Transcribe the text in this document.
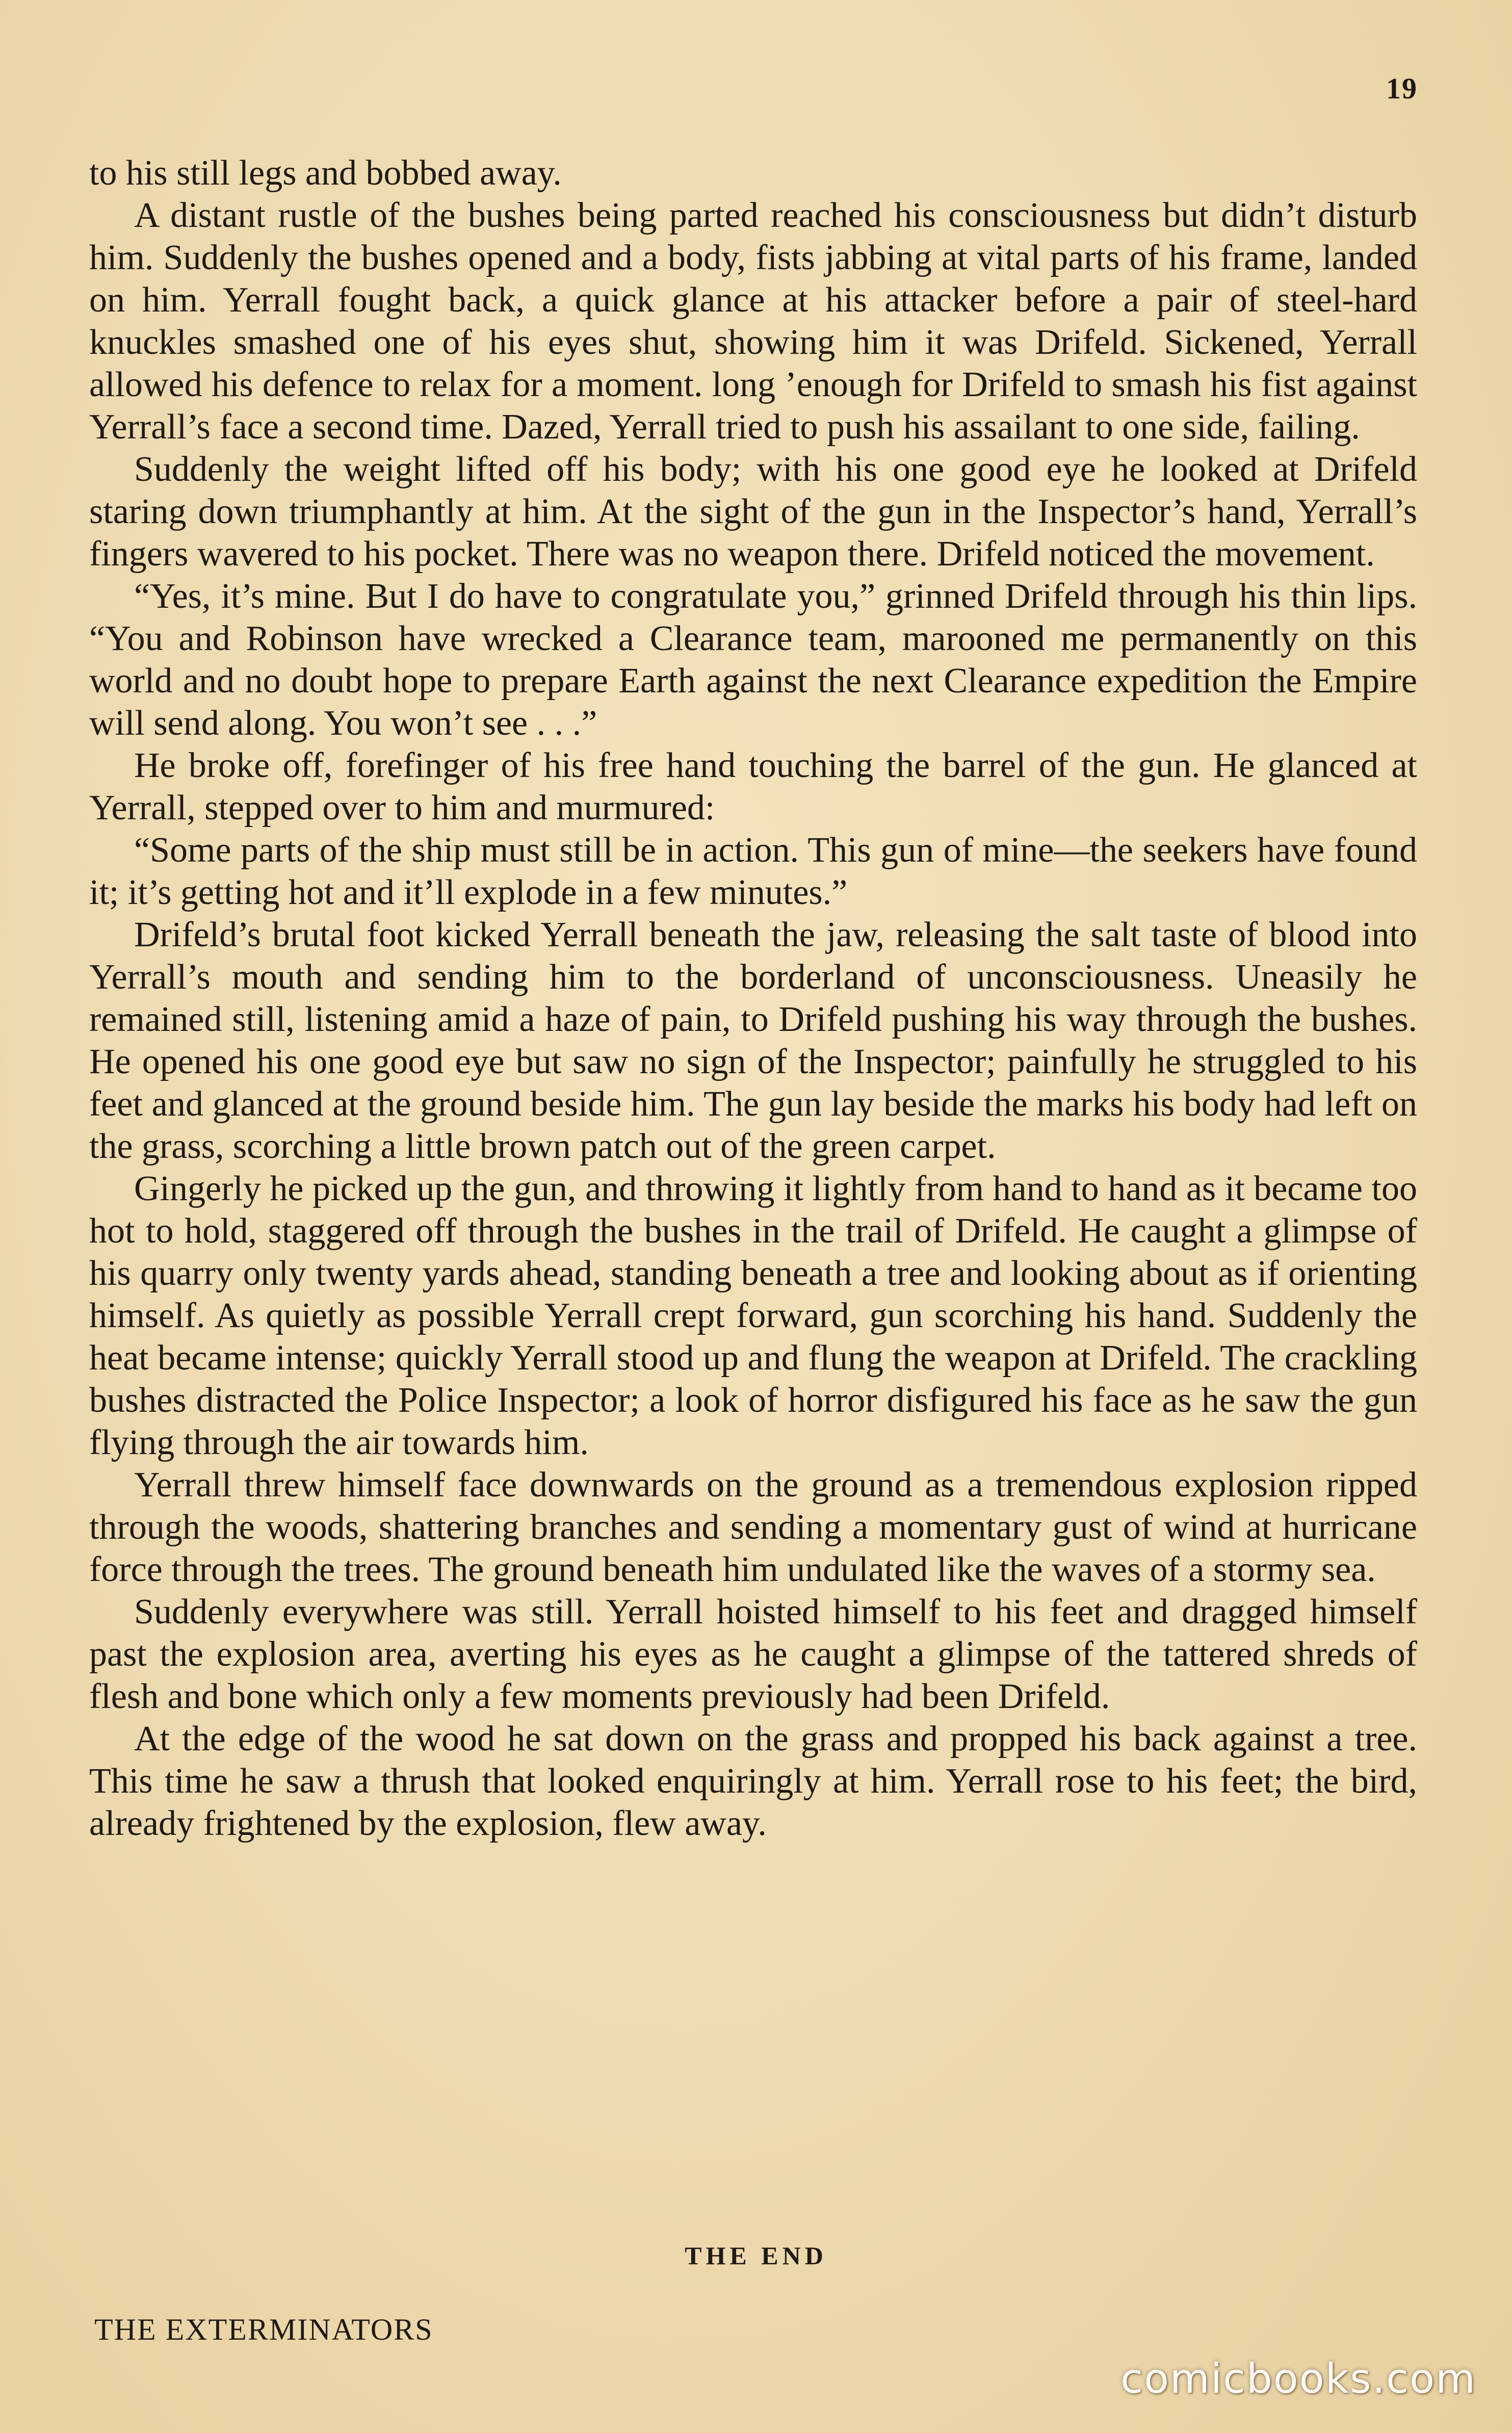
19

to his still legs and bobbed away.

A distant rustle of the bushes being parted reached his consciousness but didn’t disturb him. Suddenly the bushes opened and a body, fists jabbing at vital parts of his frame, landed on him. Yerrall fought back, a quick glance at his attacker before a pair of steel-hard knuckles smashed one of his eyes shut, showing him it was Drifeld. Sickened, Yerrall allowed his defence to relax for a moment. long ’enough for Drifeld to smash his fist against Yerrall’s face a second time. Dazed, Yerrall tried to push his assailant to one side, failing.

Suddenly the weight lifted off his body; with his one good eye he looked at Drifeld staring down triumphantly at him. At the sight of the gun in the Inspector’s hand, Yerrall’s fingers wavered to his pocket. There was no weapon there. Drifeld noticed the movement.

“Yes, it’s mine. But I do have to congratulate you,” grinned Drifeld through his thin lips. “You and Robinson have wrecked a Clearance team, marooned me permanently on this world and no doubt hope to prepare Earth against the next Clearance expedition the Empire will send along. You won’t see . . .”

He broke off, forefinger of his free hand touching the barrel of the gun. He glanced at Yerrall, stepped over to him and murmured:

“Some parts of the ship must still be in action. This gun of mine—the seekers have found it; it’s getting hot and it’ll explode in a few minutes.”

Drifeld’s brutal foot kicked Yerrall beneath the jaw, releasing the salt taste of blood into Yerrall’s mouth and sending him to the borderland of unconsciousness. Uneasily he remained still, listening amid a haze of pain, to Drifeld pushing his way through the bushes. He opened his one good eye but saw no sign of the Inspector; painfully he struggled to his feet and glanced at the ground beside him. The gun lay beside the marks his body had left on the grass, scorching a little brown patch out of the green carpet.

Gingerly he picked up the gun, and throwing it lightly from hand to hand as it became too hot to hold, staggered off through the bushes in the trail of Drifeld. He caught a glimpse of his quarry only twenty yards ahead, standing beneath a tree and looking about as if orienting himself. As quietly as possible Yerrall crept forward, gun scorching his hand. Suddenly the heat became intense; quickly Yerrall stood up and flung the weapon at Drifeld. The crackling bushes distracted the Police Inspector; a look of horror disfigured his face as he saw the gun flying through the air towards him.

Yerrall threw himself face downwards on the ground as a tremendous explosion ripped through the woods, shattering branches and sending a momentary gust of wind at hurricane force through the trees. The ground beneath him undulated like the waves of a stormy sea.

Suddenly everywhere was still. Yerrall hoisted himself to his feet and dragged himself past the explosion area, averting his eyes as he caught a glimpse of the tattered shreds of flesh and bone which only a few moments previously had been Drifeld.

At the edge of the wood he sat down on the grass and propped his back against a tree. This time he saw a thrush that looked enquiringly at him. Yerrall rose to his feet; the bird, already frightened by the explosion, flew away.

THE END
THE EXTERMINATORS
comicbooks.com
